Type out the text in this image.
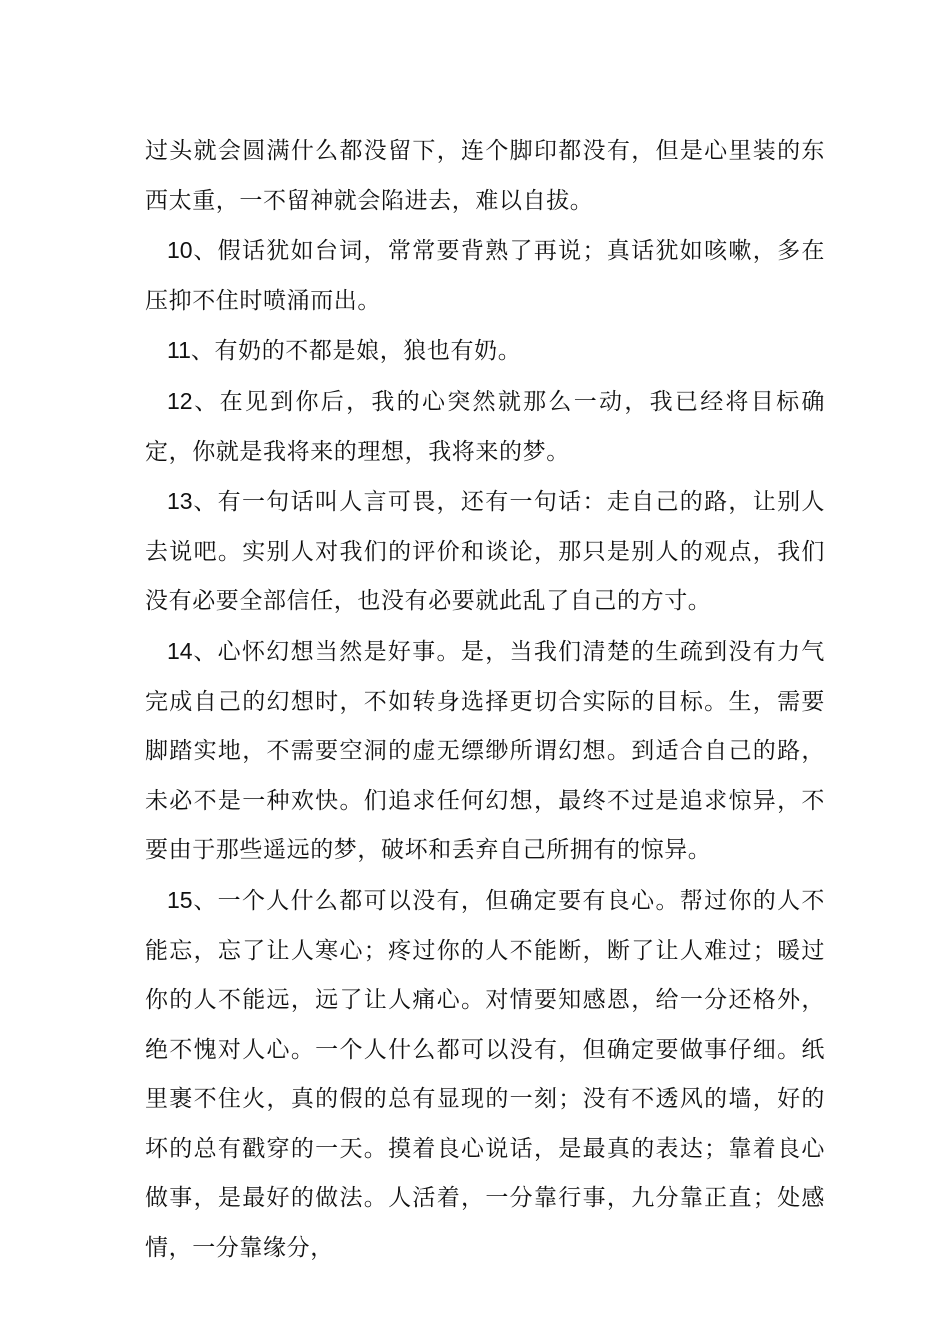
过头就会圆满什么都没留下，连个脚印都没有，但是心里装的东西太重，一不留神就会陷进去，难以自拔。

10、假话犹如台词，常常要背熟了再说；真话犹如咳嗽，多在压抑不住时喷涌而出。

11、有奶的不都是娘，狼也有奶。

12、在见到你后，我的心突然就那么一动，我已经将目标确定，你就是我将来的理想，我将来的梦。

13、有一句话叫人言可畏，还有一句话：走自己的路，让别人去说吧。实别人对我们的评价和谈论，那只是别人的观点，我们没有必要全部信任，也没有必要就此乱了自己的方寸。

14、心怀幻想当然是好事。是，当我们清楚的生疏到没有力气完成自己的幻想时，不如转身选择更切合实际的目标。生，需要脚踏实地，不需要空洞的虚无缥缈所谓幻想。到适合自己的路，未必不是一种欢快。们追求任何幻想，最终不过是追求惊异，不要由于那些遥远的梦，破坏和丢弃自己所拥有的惊异。

15、一个人什么都可以没有，但确定要有良心。帮过你的人不能忘，忘了让人寒心；疼过你的人不能断，断了让人难过；暖过你的人不能远，远了让人痛心。对情要知感恩，给一分还格外，绝不愧对人心。一个人什么都可以没有，但确定要做事仔细。纸里裹不住火，真的假的总有显现的一刻；没有不透风的墙，好的坏的总有戳穿的一天。摸着良心说话，是最真的表达；靠着良心做事，是最好的做法。人活着，一分靠行事，九分靠正直；处感情，一分靠缘分，
